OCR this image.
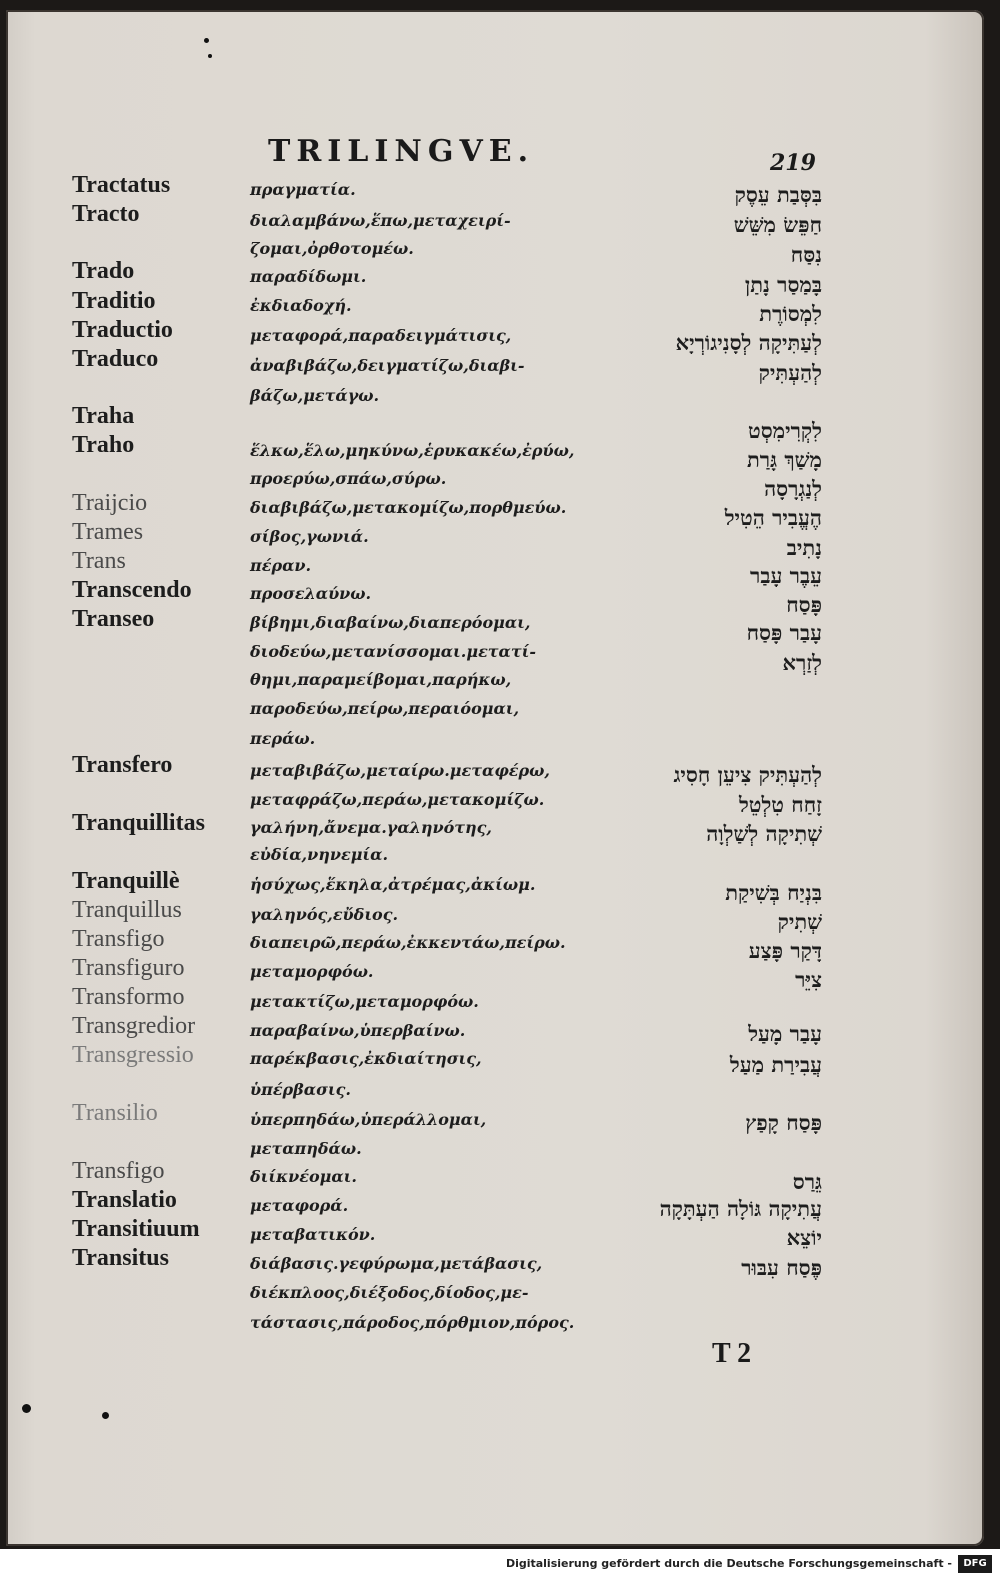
TRILINGVE.	219
Tractatus
Tracto
Trado
Traditio
Traductio
Traduco
Traha
Traho
Traijcio
Trames
Trans
Transcendo
Transeo
Transfero
Tranquillitas
Tranquillè
Tranquillus
Transfigo
Transfiguro
Transformo
Transgredior
Transgressio
Transilio
Transfigo
Translatio
Transitiuum
Transitus
πραγματία.
διαλαμβάνω,ἕπω,μεταχειρί-
ζομαι,ὀρθοτομέω.
παραδίδωμι.
ἐκδιαδοχή.
μεταφορά,παραδειγμάτισις,
ἀναβιβάζω,δειγματίζω,διαβι-
βάζω,μετάγω.
ἕλκω,ἕλω,μηκύνω,ἑρυκακέω,ἐρύω,
προερύω,σπάω,σύρω.
διαβιβάζω,μετακομίζω,πορθμεύω.
σίβος,γωνιά.
πέραν.
προσελαύνω.
βίβημι,διαβαίνω,διαπερόομαι,
διοδεύω,μετανίσσομαι.μετατί-
θημι,παραμείβομαι,παρήκω,
παροδεύω,πείρω,περαιόομαι,
περάω.
μεταβιβάζω,μεταίρω.μεταφέρω,
μεταφράζω,περάω,μετακομίζω.
γαλήνη,ἄνεμα.γαληνότης,
εὐδία,νηνεμία.
ἡσύχως,ἕκηλα,ἀτρέμας,ἀκίωμ.
γαληνός,εὔδιος.
διαπειρῶ,περάω,ἐκκεντάω,πείρω.
μεταμορφόω.
μετακτίζω,μεταμορφόω.
παραβαίνω,ὑπερβαίνω.
παρέκβασις,ἐκδιαίτησις,
ὑπέρβασις.
ὑπερπηδάω,ὑπεράλλομαι,
μεταπηδάω.
διίκνέομαι.
μεταφορά.
μεταβατικόν.
διάβασις.γεφύρωμα,μετάβασις,
διέκπλοος,διέξοδος,δίοδος,με-
τάστασις,πάροδος,πόρθμιον,πόρος.
בִּסְּבַת עֵסֶק
חַפֵּשׂ מִשֵּׁשׁ
נִסַּח
בָּמַסַר נָתַן
לִמְסוֹרֶת
לְעַתִּיקָה לְסָנִיגוֹרְיָא
לְהַעְתִּיק
לִקְרִימִסְט
מָשַׁךְ גָּרַת
לְנַגְרָסָה
הֶעֱבִיר הֵטִיל
נָתִיב
עֵבֶר עָבַר
פָּסַח
עָבַר פָּסַח
לְזַרְא
לְהַעְתִּיק צִיעֵן חָסִיג
זָחַח טִלְטֵל
שְׁתִיקָה לְשַׁלְוָה
בִּנְיַח בְּשִׁיקַת
שְׁתִיק
דָּקַר פָּצַע
צִיֵּר
עָבַר מָעַל
עֲבִירַת מַעַל
פָּסַח קָפַץ
גֵּרַס
עֲתִיקָה גּוֹלָה הַעְתָּקָה
יוֹצֵא
פֶּסַח עִבּוּר
T 2
Digitalisierung gefördert durch die Deutsche Forschungsgemeinschaft -	DFG
